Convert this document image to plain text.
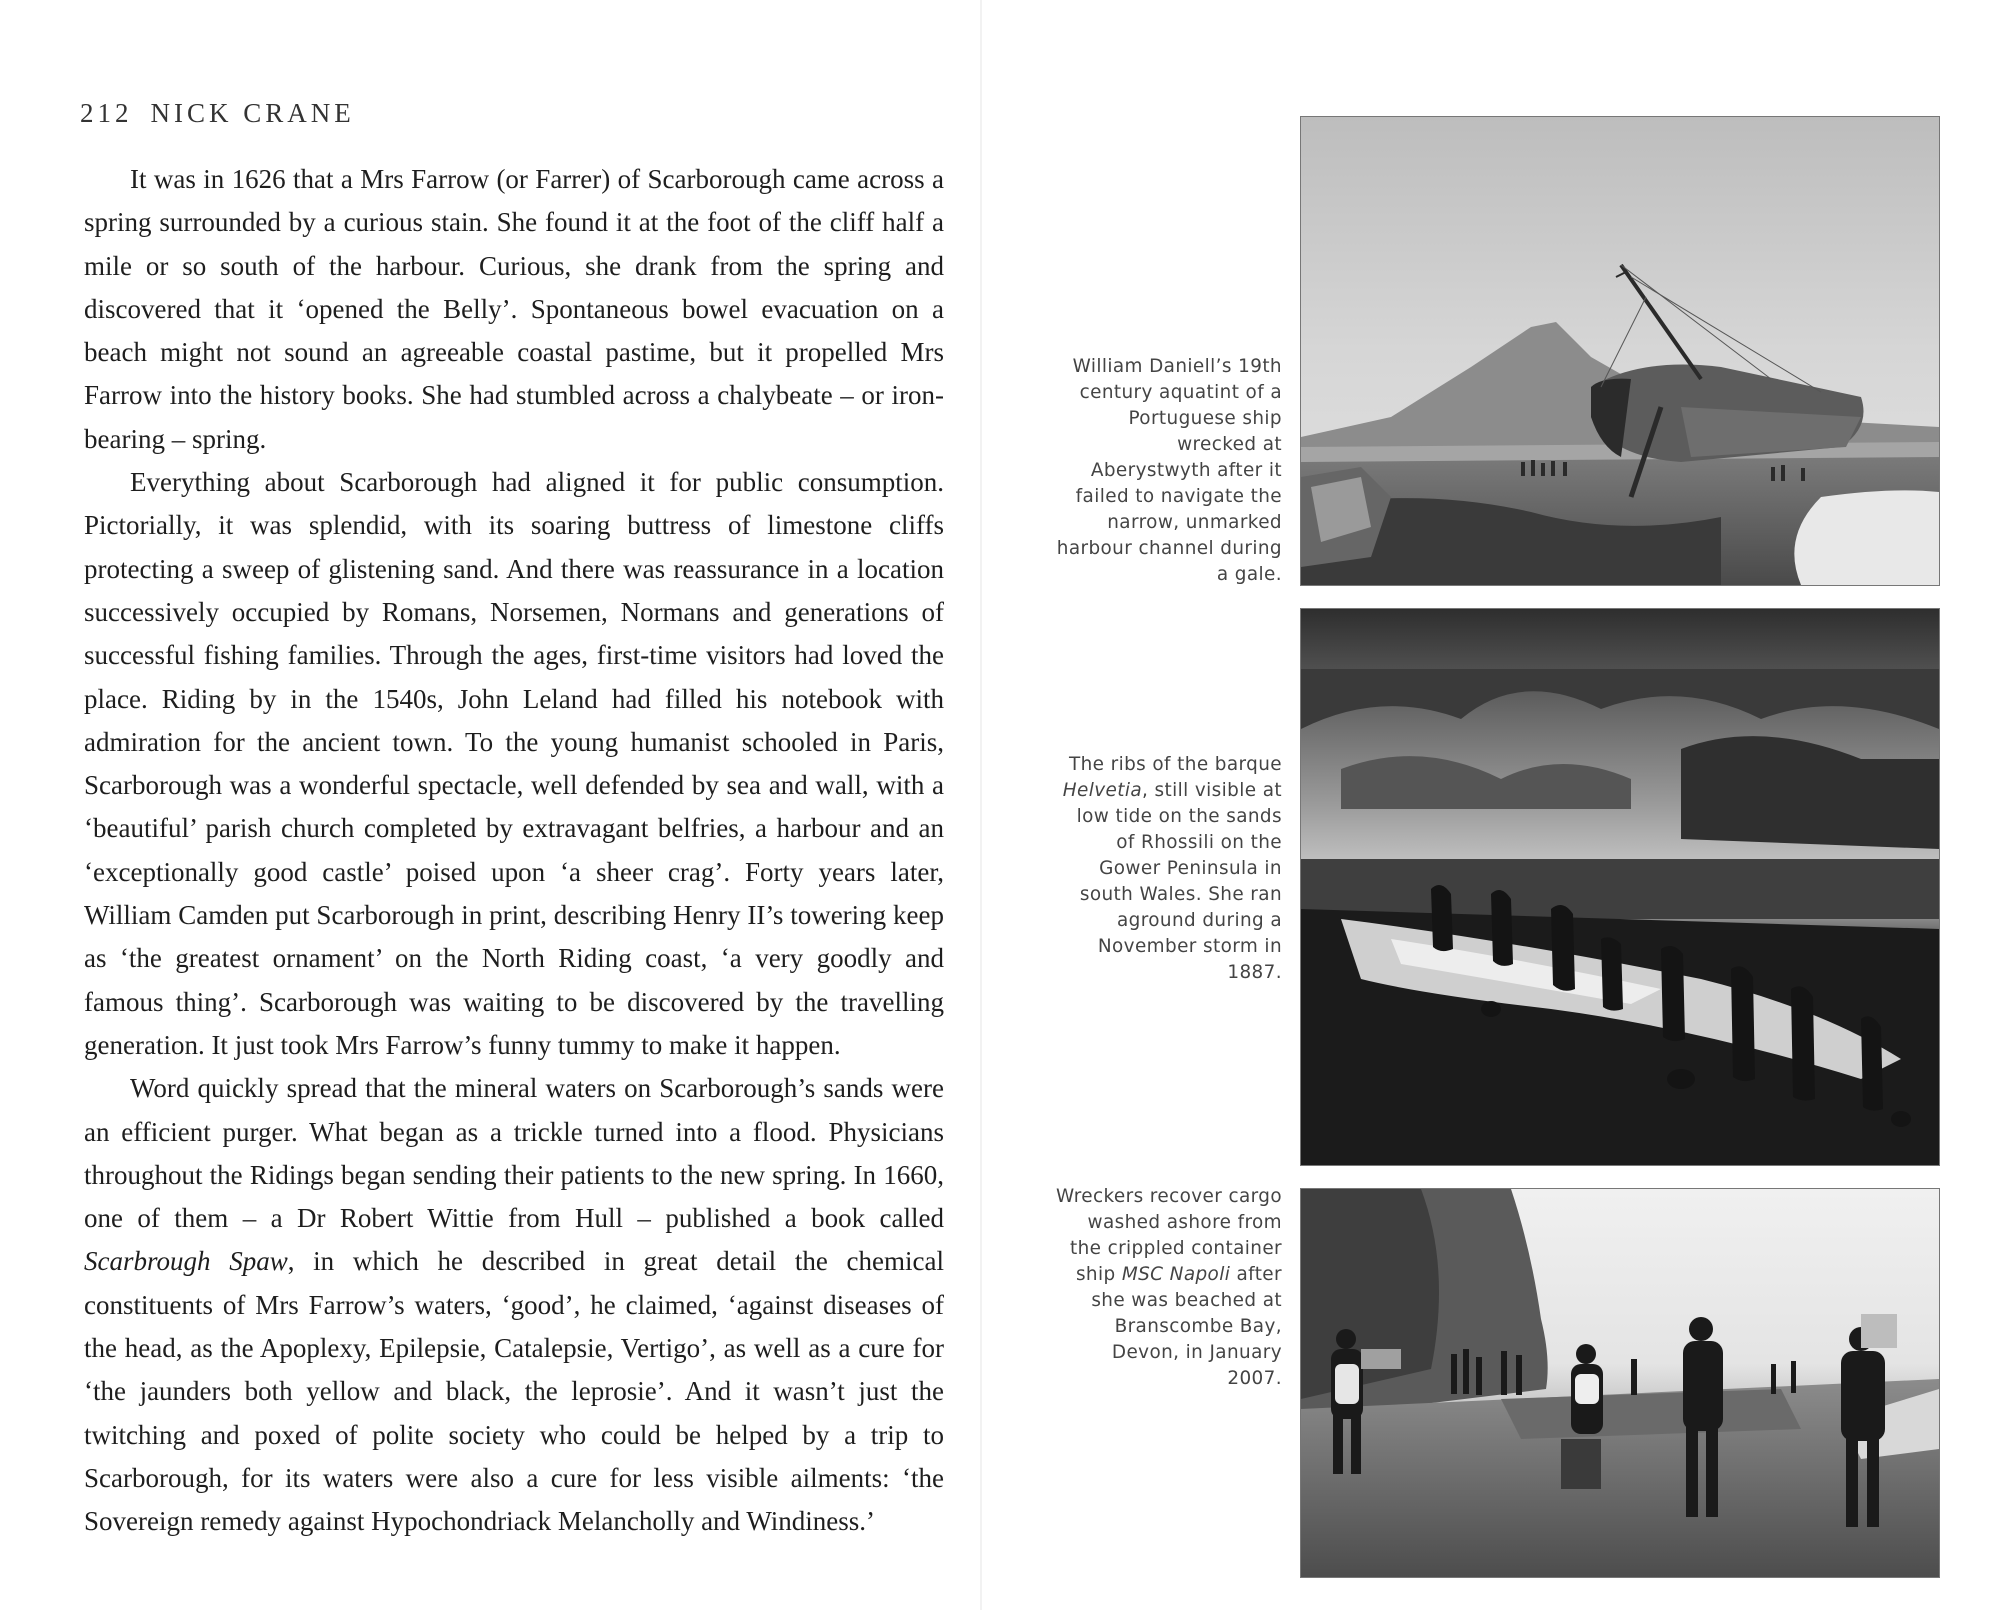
212 NICK CRANE

It was in 1626 that a Mrs Farrow (or Farrer) of Scarborough came across a spring surrounded by a curious stain. She found it at the foot of the cliff half a mile or so south of the harbour. Curious, she drank from the spring and discovered that it ‘opened the Belly’. Spontaneous bowel evacuation on a beach might not sound an agreeable coastal pastime, but it propelled Mrs Farrow into the history books. She had stumbled across a chalybeate – or iron-bearing – spring.

Everything about Scarborough had aligned it for public consumption. Pictorially, it was splendid, with its soaring buttress of limestone cliffs protecting a sweep of glistening sand. And there was reassurance in a location successively occupied by Romans, Norsemen, Normans and generations of successful fishing families. Through the ages, first-time visitors had loved the place. Riding by in the 1540s, John Leland had filled his notebook with admiration for the ancient town. To the young humanist schooled in Paris, Scarborough was a wonderful spectacle, well defended by sea and wall, with a ‘beautiful’ parish church completed by extravagant belfries, a harbour and an ‘exceptionally good castle’ poised upon ‘a sheer crag’. Forty years later, William Camden put Scarborough in print, describing Henry II’s towering keep as ‘the greatest ornament’ on the North Riding coast, ‘a very goodly and famous thing’. Scarborough was waiting to be discovered by the travelling generation. It just took Mrs Farrow’s funny tummy to make it happen.

Word quickly spread that the mineral waters on Scarborough’s sands were an efficient purger. What began as a trickle turned into a flood. Physicians throughout the Ridings began sending their patients to the new spring. In 1660, one of them – a Dr Robert Wittie from Hull – published a book called Scarbrough Spaw, in which he described in great detail the chemical constituents of Mrs Farrow’s waters, ‘good’, he claimed, ‘against diseases of the head, as the Apoplexy, Epilepsie, Catalepsie, Vertigo’, as well as a cure for ‘the jaunders both yellow and black, the leprosie’. And it wasn’t just the twitching and poxed of polite society who could be helped by a trip to Scarborough, for its waters were also a cure for less visible ailments: ‘the Sovereign remedy against Hypochondriack Melancholly and Windiness.’

William Daniell’s 19th century aquatint of a Portuguese ship wrecked at Aberystwyth after it failed to navigate the narrow, unmarked harbour channel during a gale.
The ribs of the barque Helvetia, still visible at low tide on the sands of Rhossili on the Gower Peninsula in south Wales. She ran aground during a November storm in 1887.
Wreckers recover cargo washed ashore from the crippled container ship MSC Napoli after she was beached at Branscombe Bay, Devon, in January 2007.
